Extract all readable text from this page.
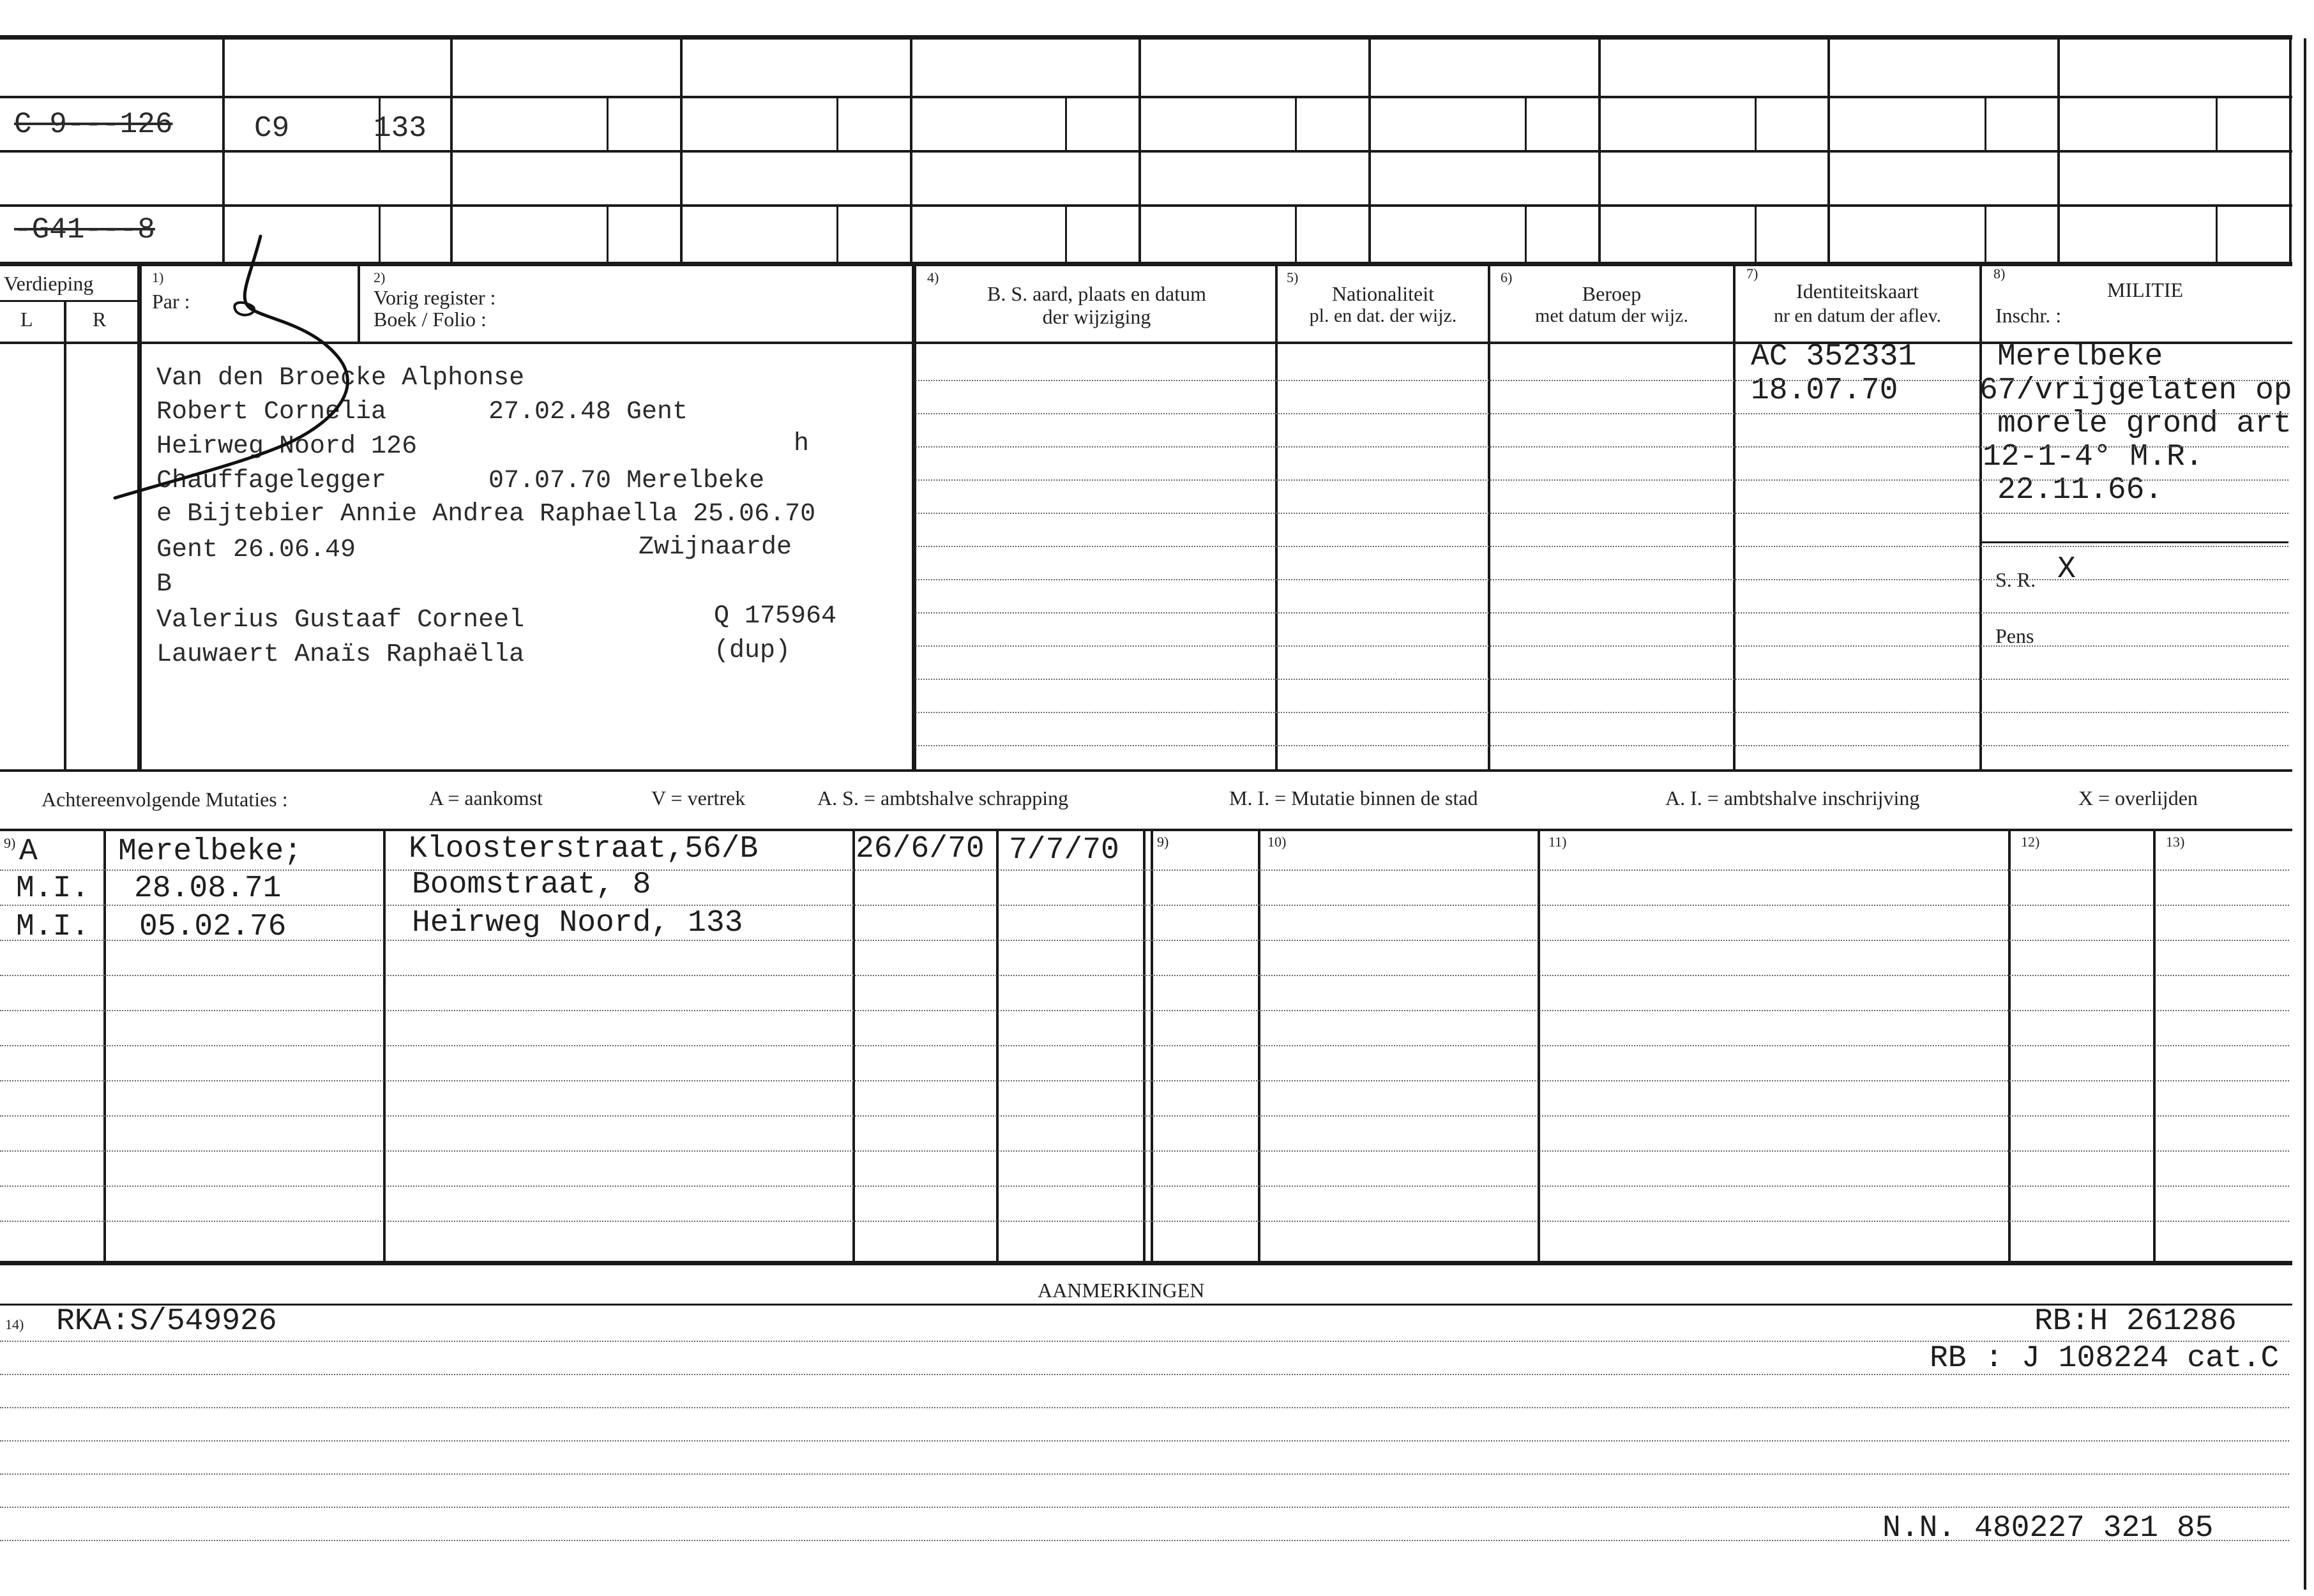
C 9---126	C9	133
-G41---8
Verdieping
L	R
1)
Par :
2)
Vorig register :
Boek / Folio :
4)
B. S. aard, plaats en datum
der wijziging
5)
Nationaliteit
pl. en dat. der wijz.
6)
Beroep
met datum der wijz.
7)
Identiteitskaart
nr en datum der aflev.
8)
MILITIE
Inschr. :
Van den Broecke Alphonse
Robert Cornelia	27.02.48 Gent
Heirweg Noord 126	h
Chauffagelegger	07.07.70 Merelbeke
e Bijtebier Annie Andrea Raphaella 25.06.70
Gent 26.06.49	Zwijnaarde
B
Valerius Gustaaf Corneel	Q 175964
Lauwaert Anaïs Raphaëlla	(dup)
AC 352331
18.07.70
Merelbeke
67/vrijgelaten op
morele grond art
12-1-4° M.R.
22.11.66.
S. R. X
Pens
Achtereenvolgende Mutaties :	A = aankomst	V = vertrek	A. S. = ambtshalve schrapping	M. I. = Mutatie binnen de stad	A. I. = ambtshalve inschrijving	X = overlijden
9)	9)	10)	11)	12)	13)
A	Merelbeke;	Kloosterstraat,56/B	26/6/70 7/7/70
M.I. 28.08.71	Boomstraat, 8
M.I. 05.02.76	Heirweg Noord, 133
AANMERKINGEN
14) RKA:S/549926	RB:H 261286
RB : J 108224 cat.C
N.N. 480227 321 85
